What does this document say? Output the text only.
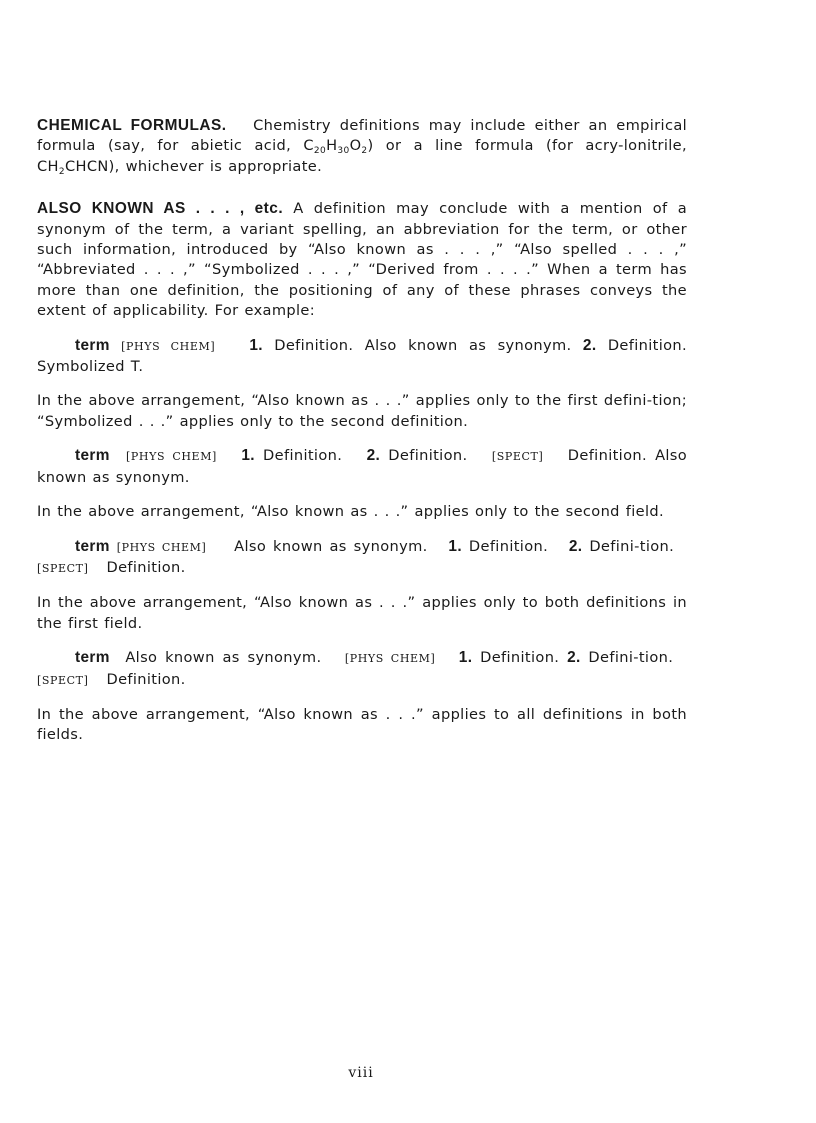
CHEMICAL FORMULAS. Chemistry definitions may include either an empirical formula (say, for abietic acid, $C_{20}H_{30}O_2$) or a line formula (for acry-lonitrile, $CH_2CHCN$), whichever is appropriate.

ALSO KNOWN AS . . . , etc. A definition may conclude with a mention of a synonym of the term, a variant spelling, an abbreviation for the term, or other such information, introduced by “Also known as . . . ,” “Also spelled . . . ,” “Abbreviated . . . ,” “Symbolized . . . ,” “Derived from . . . .” When a term has more than one definition, the positioning of any of these phrases conveys the extent of applicability. For example:

term [PHYS CHEM] 1. Definition. Also known as synonym. 2. Definition. Symbolized T.

In the above arrangement, “Also known as . . .” applies only to the first defini-tion; “Symbolized . . .” applies only to the second definition.

term [PHYS CHEM] 1. Definition. 2. Definition. [SPECT] Definition. Also known as synonym.

In the above arrangement, “Also known as . . .” applies only to the second field.

term [PHYS CHEM] Also known as synonym. 1. Definition. 2. Defini-tion.   [SPECT] Definition.

In the above arrangement, “Also known as . . .” applies only to both definitions in the first field.

term Also known as synonym. [PHYS CHEM] 1. Definition. 2. Defini-tion.   [SPECT] Definition.

In the above arrangement, “Also known as . . .” applies to all definitions in both fields.

viii
